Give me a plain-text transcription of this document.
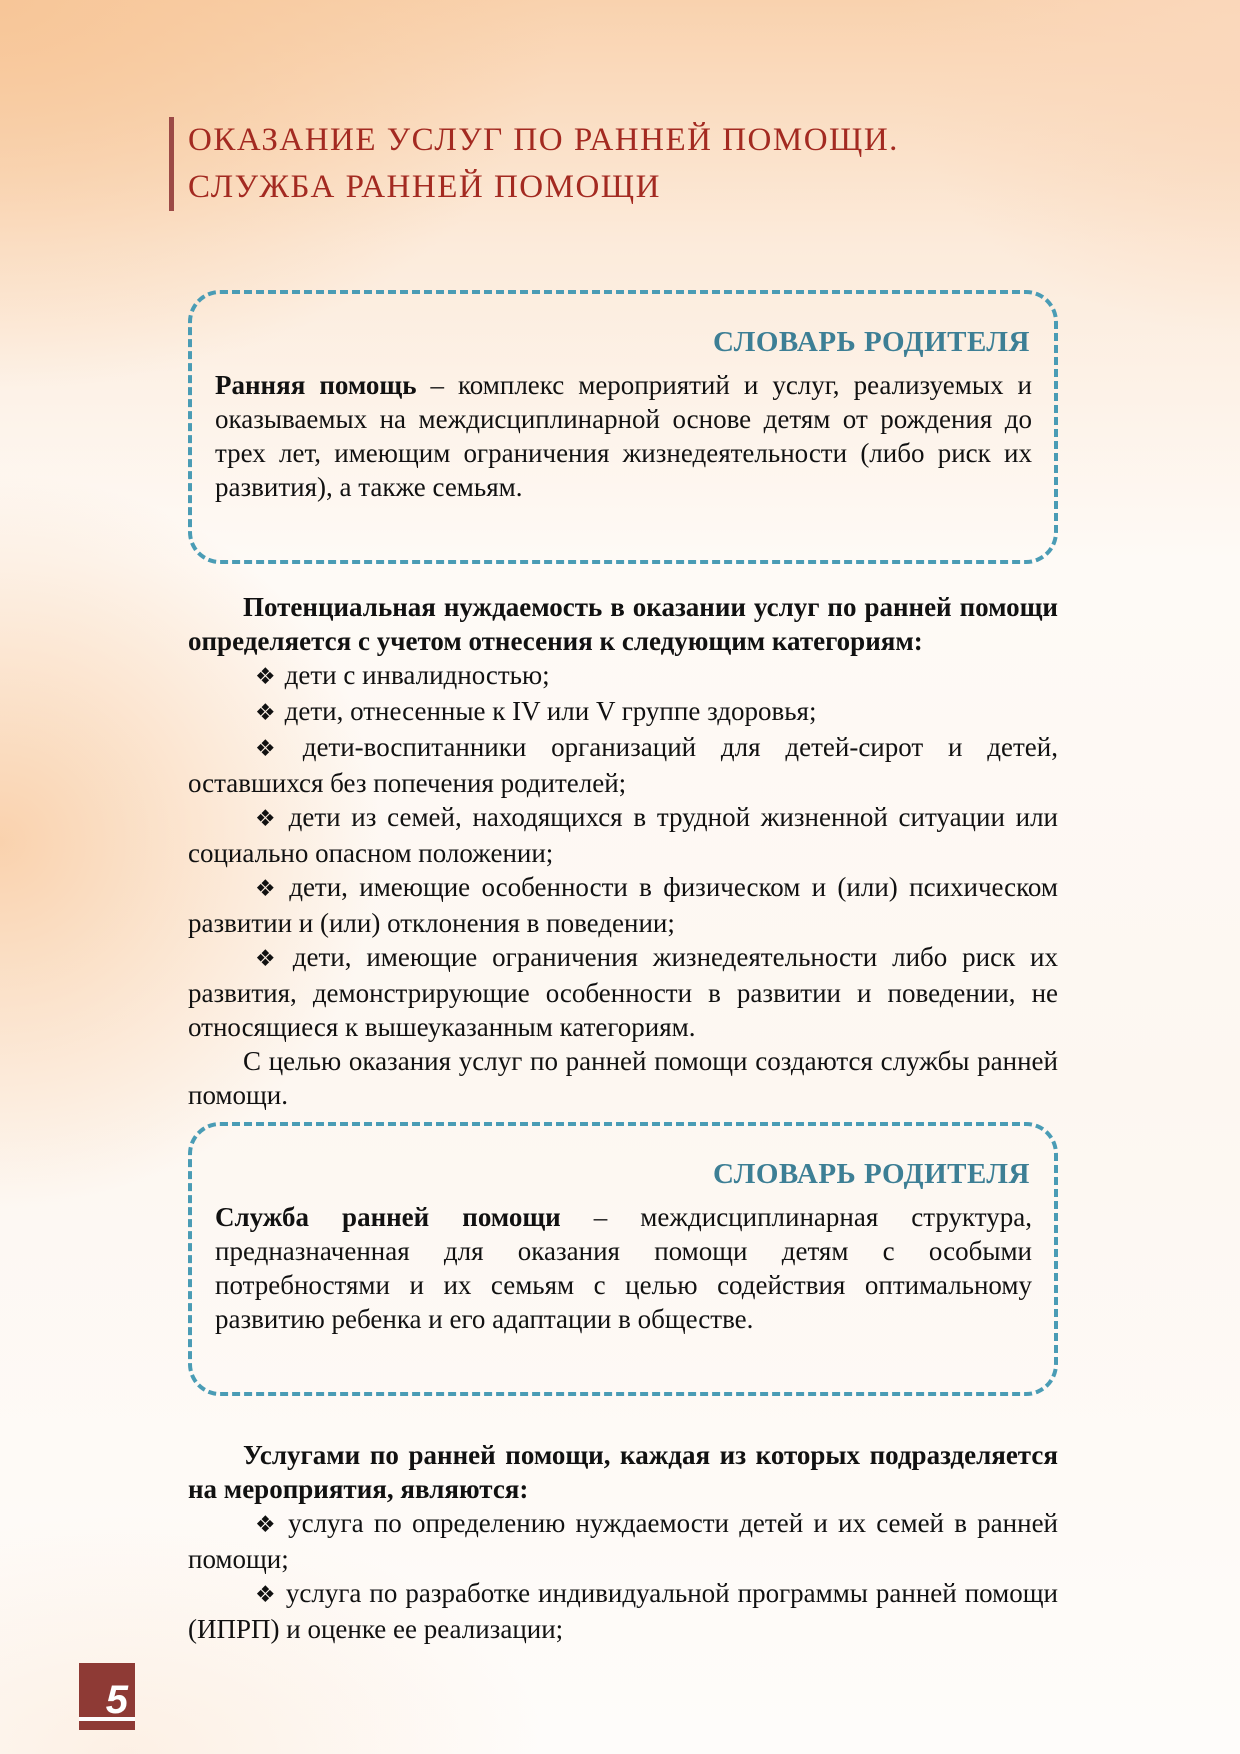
ОКАЗАНИЕ УСЛУГ ПО РАННЕЙ ПОМОЩИ.
СЛУЖБА РАННЕЙ ПОМОЩИ
СЛОВАРЬ РОДИТЕЛЯ

Ранняя помощь – комплекс мероприятий и услуг, реализуемых и оказываемых на междисциплинарной основе детям от рождения до трех лет, имеющим ограничения жизнедеятельности (либо риск их развития), а также семьям.

Потенциальная нуждаемость в оказании услуг по ранней помощи определяется с учетом отнесения к следующим категориям:

❖ дети с инвалидностью;

❖ дети, отнесенные к IV или V группе здоровья;

❖ дети-воспитанники организаций для детей-сирот и детей, оставшихся без попечения родителей;

❖ дети из семей, находящихся в трудной жизненной ситуации или социально опасном положении;

❖ дети, имеющие особенности в физическом и (или) психическом развитии и (или) отклонения в поведении;

❖ дети, имеющие ограничения жизнедеятельности либо риск их развития, демонстрирующие особенности в развитии и поведении, не относящиеся к вышеуказанным категориям.

С целью оказания услуг по ранней помощи создаются службы ранней помощи.

СЛОВАРЬ РОДИТЕЛЯ

Служба ранней помощи – междисциплинарная структура, предназначенная для оказания помощи детям с особыми потребностями и их семьям с целью содействия оптимальному развитию ребенка и его адаптации в обществе.

Услугами по ранней помощи, каждая из которых подразделяется на мероприятия, являются:

❖ услуга по определению нуждаемости детей и их семей в ранней помощи;

❖ услуга по разработке индивидуальной программы ранней помощи (ИПРП) и оценке ее реализации;

5
